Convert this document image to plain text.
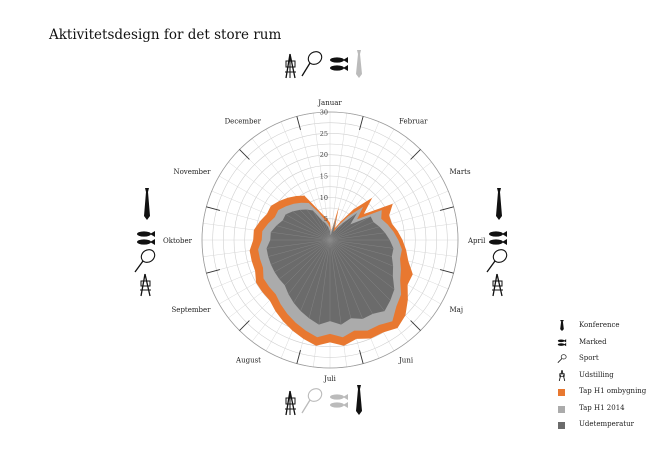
Aktivitetsdesign for det store rum
5
10
15
20
25
30
Januar
Februar
Marts
April
Maj
Juni
Juli
August
September
Oktober
November
December
Konference
Marked
Sport
Udstilling
Tap H1 ombygning
Tap H1 2014
Udetemperatur
